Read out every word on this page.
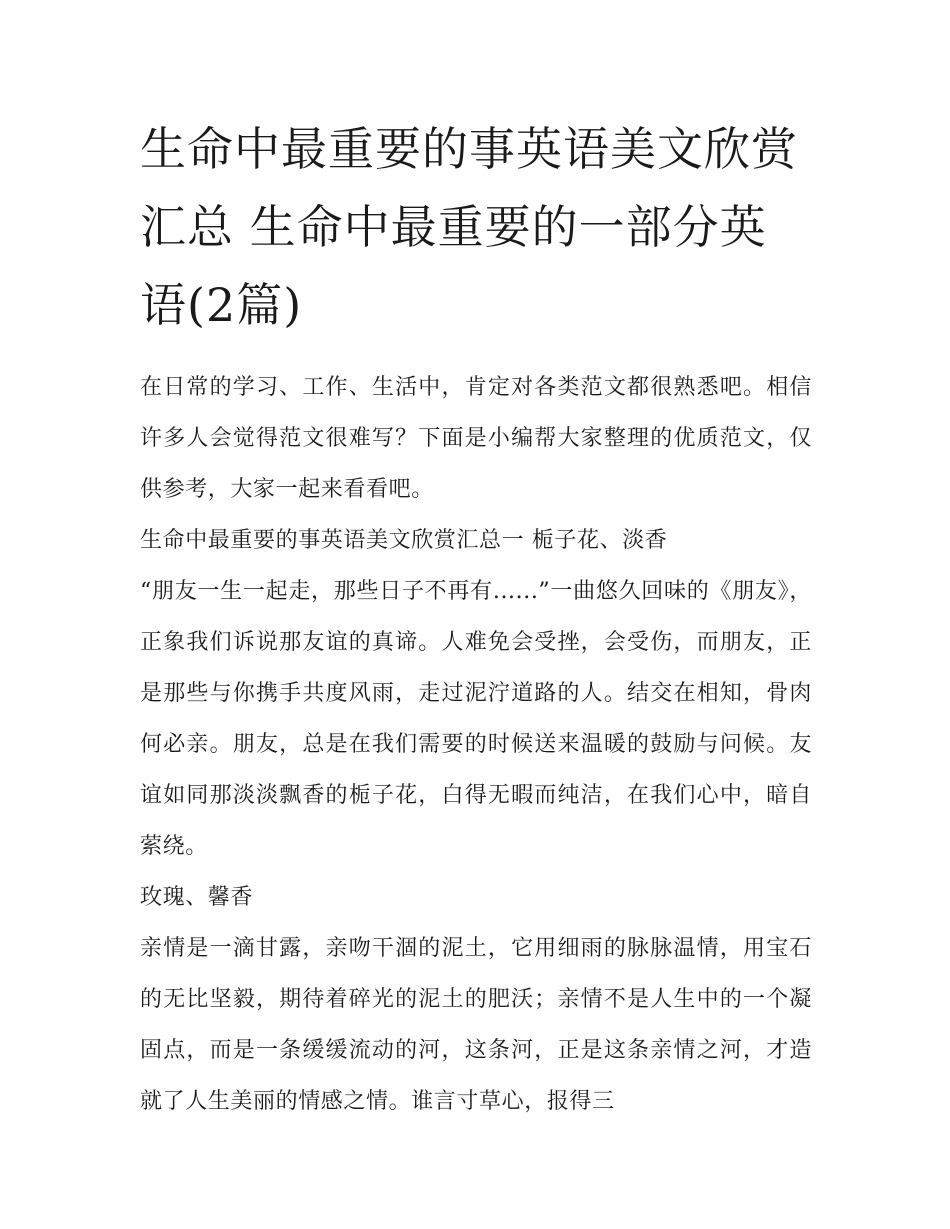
生命中最重要的事英语美文欣赏汇总 生命中最重要的一部分英语(2篇)

在日常的学习、工作、生活中，肯定对各类范文都很熟悉吧。相信许多人会觉得范文很难写？下面是小编帮大家整理的优质范文，仅供参考，大家一起来看看吧。

生命中最重要的事英语美文欣赏汇总一 栀子花、淡香

“朋友一生一起走，那些日子不再有......”一曲悠久回味的《朋友》，正象我们诉说那友谊的真谛。人难免会受挫，会受伤，而朋友，正是那些与你携手共度风雨，走过泥泞道路的人。结交在相知，骨肉何必亲。朋友，总是在我们需要的时候送来温暖的鼓励与问候。友谊如同那淡淡飘香的栀子花，白得无暇而纯洁，在我们心中，暗自萦绕。

玫瑰、馨香

亲情是一滴甘露，亲吻干涸的泥土，它用细雨的脉脉温情，用宝石的无比坚毅，期待着碎光的泥土的肥沃；亲情不是人生中的一个凝固点，而是一条缓缓流动的河，这条河，正是这条亲情之河，才造就了人生美丽的情感之情。谁言寸草心，报得三
